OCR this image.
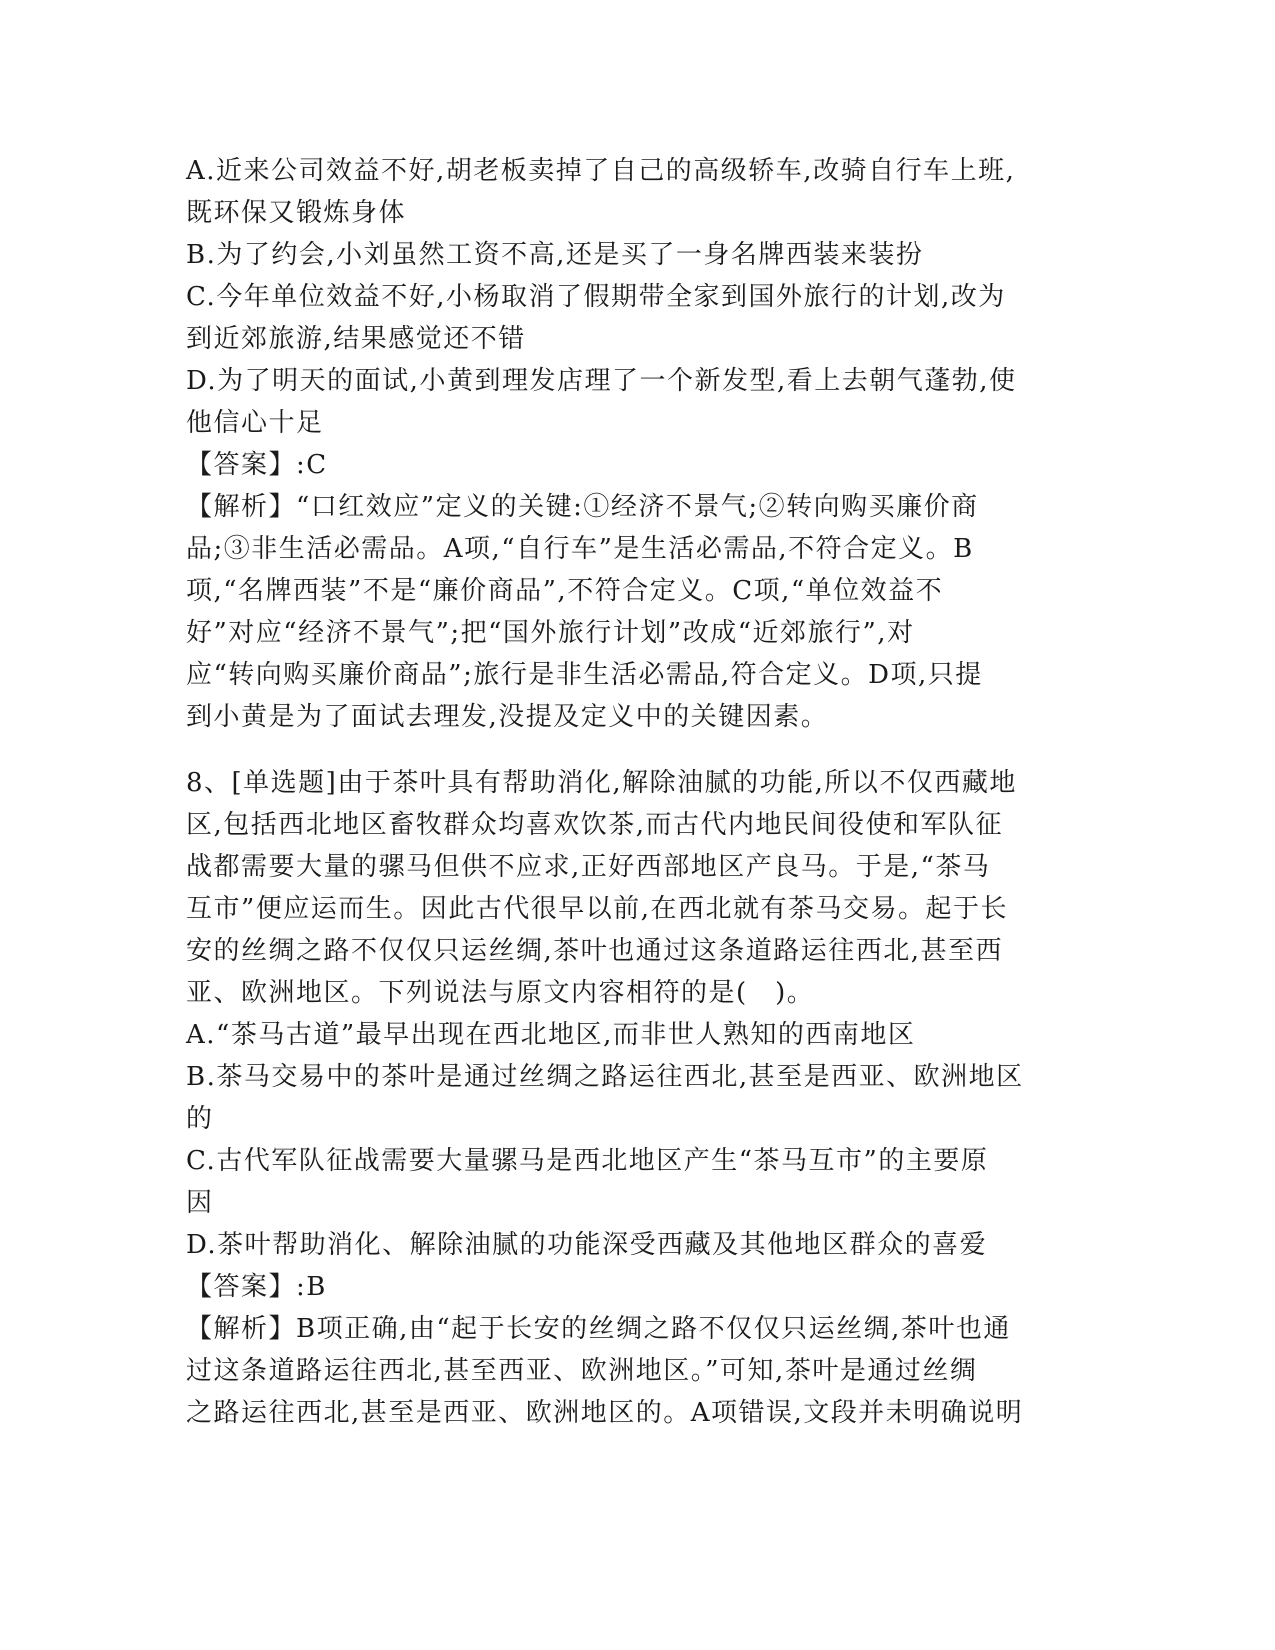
A.近来公司效益不好,胡老板卖掉了自己的高级轿车,改骑自行车上班,
既环保又锻炼身体
B.为了约会,小刘虽然工资不高,还是买了一身名牌西装来装扮
C.今年单位效益不好,小杨取消了假期带全家到国外旅行的计划,改为
到近郊旅游,结果感觉还不错
D.为了明天的面试,小黄到理发店理了一个新发型,看上去朝气蓬勃,使
他信心十足
【答案】:C
【解析】“口红效应”定义的关键:①经济不景气;②转向购买廉价商
品;③非生活必需品。A项,“自行车”是生活必需品,不符合定义。B
项,“名牌西装”不是“廉价商品”,不符合定义。C项,“单位效益不
好”对应“经济不景气”;把“国外旅行计划”改成“近郊旅行”,对
应“转向购买廉价商品”;旅行是非生活必需品,符合定义。D项,只提
到小黄是为了面试去理发,没提及定义中的关键因素。
8、[单选题]由于茶叶具有帮助消化,解除油腻的功能,所以不仅西藏地
区,包括西北地区畜牧群众均喜欢饮茶,而古代内地民间役使和军队征
战都需要大量的骡马但供不应求,正好西部地区产良马。于是,“茶马
互市”便应运而生。因此古代很早以前,在西北就有茶马交易。起于长
安的丝绸之路不仅仅只运丝绸,茶叶也通过这条道路运往西北,甚至西
亚、欧洲地区。下列说法与原文内容相符的是(　)。
A.“茶马古道”最早出现在西北地区,而非世人熟知的西南地区
B.茶马交易中的茶叶是通过丝绸之路运往西北,甚至是西亚、欧洲地区
的
C.古代军队征战需要大量骡马是西北地区产生“茶马互市”的主要原
因
D.茶叶帮助消化、解除油腻的功能深受西藏及其他地区群众的喜爱
【答案】:B
【解析】B项正确,由“起于长安的丝绸之路不仅仅只运丝绸,茶叶也通
过这条道路运往西北,甚至西亚、欧洲地区。”可知,茶叶是通过丝绸
之路运往西北,甚至是西亚、欧洲地区的。A项错误,文段并未明确说明
